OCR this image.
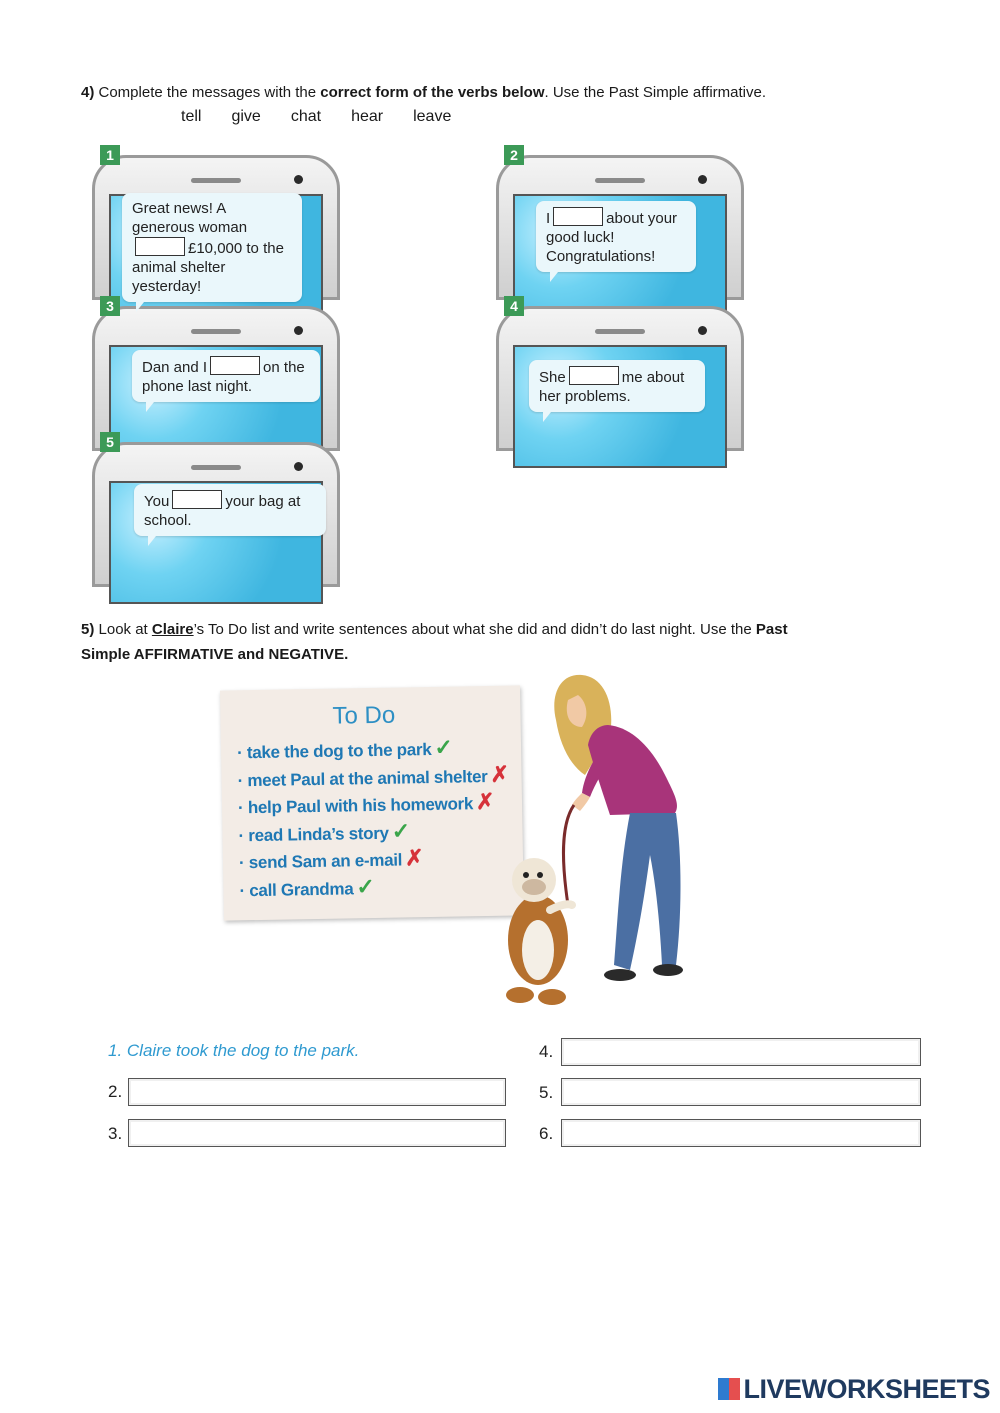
4) Complete the messages with the correct form of the verbs below. Use the Past Simple affirmative.
tell give chat hear leave
1
Great news! A generous woman£10,000 to the animal shelter yesterday!
2
I	about your good luck! Congratulations!
3
Dan and I	on the phone last night.
4
She	me about her problems.
5
You	your bag at school.
5) Look at Claire’s To Do list and write sentences about what she did and didn’t do last night. Use the Past
Simple AFFIRMATIVE and NEGATIVE.
To Do
· take the dog to the park ✓
· meet Paul at the animal shelter ✗
· help Paul with his homework ✗
· read Linda’s story ✓
· send Sam an e-mail ✗
· call Grandma ✓
1. Claire took the dog to the park.
2.
3.
4.
5.
6.
LIVEWORKSHEETS
